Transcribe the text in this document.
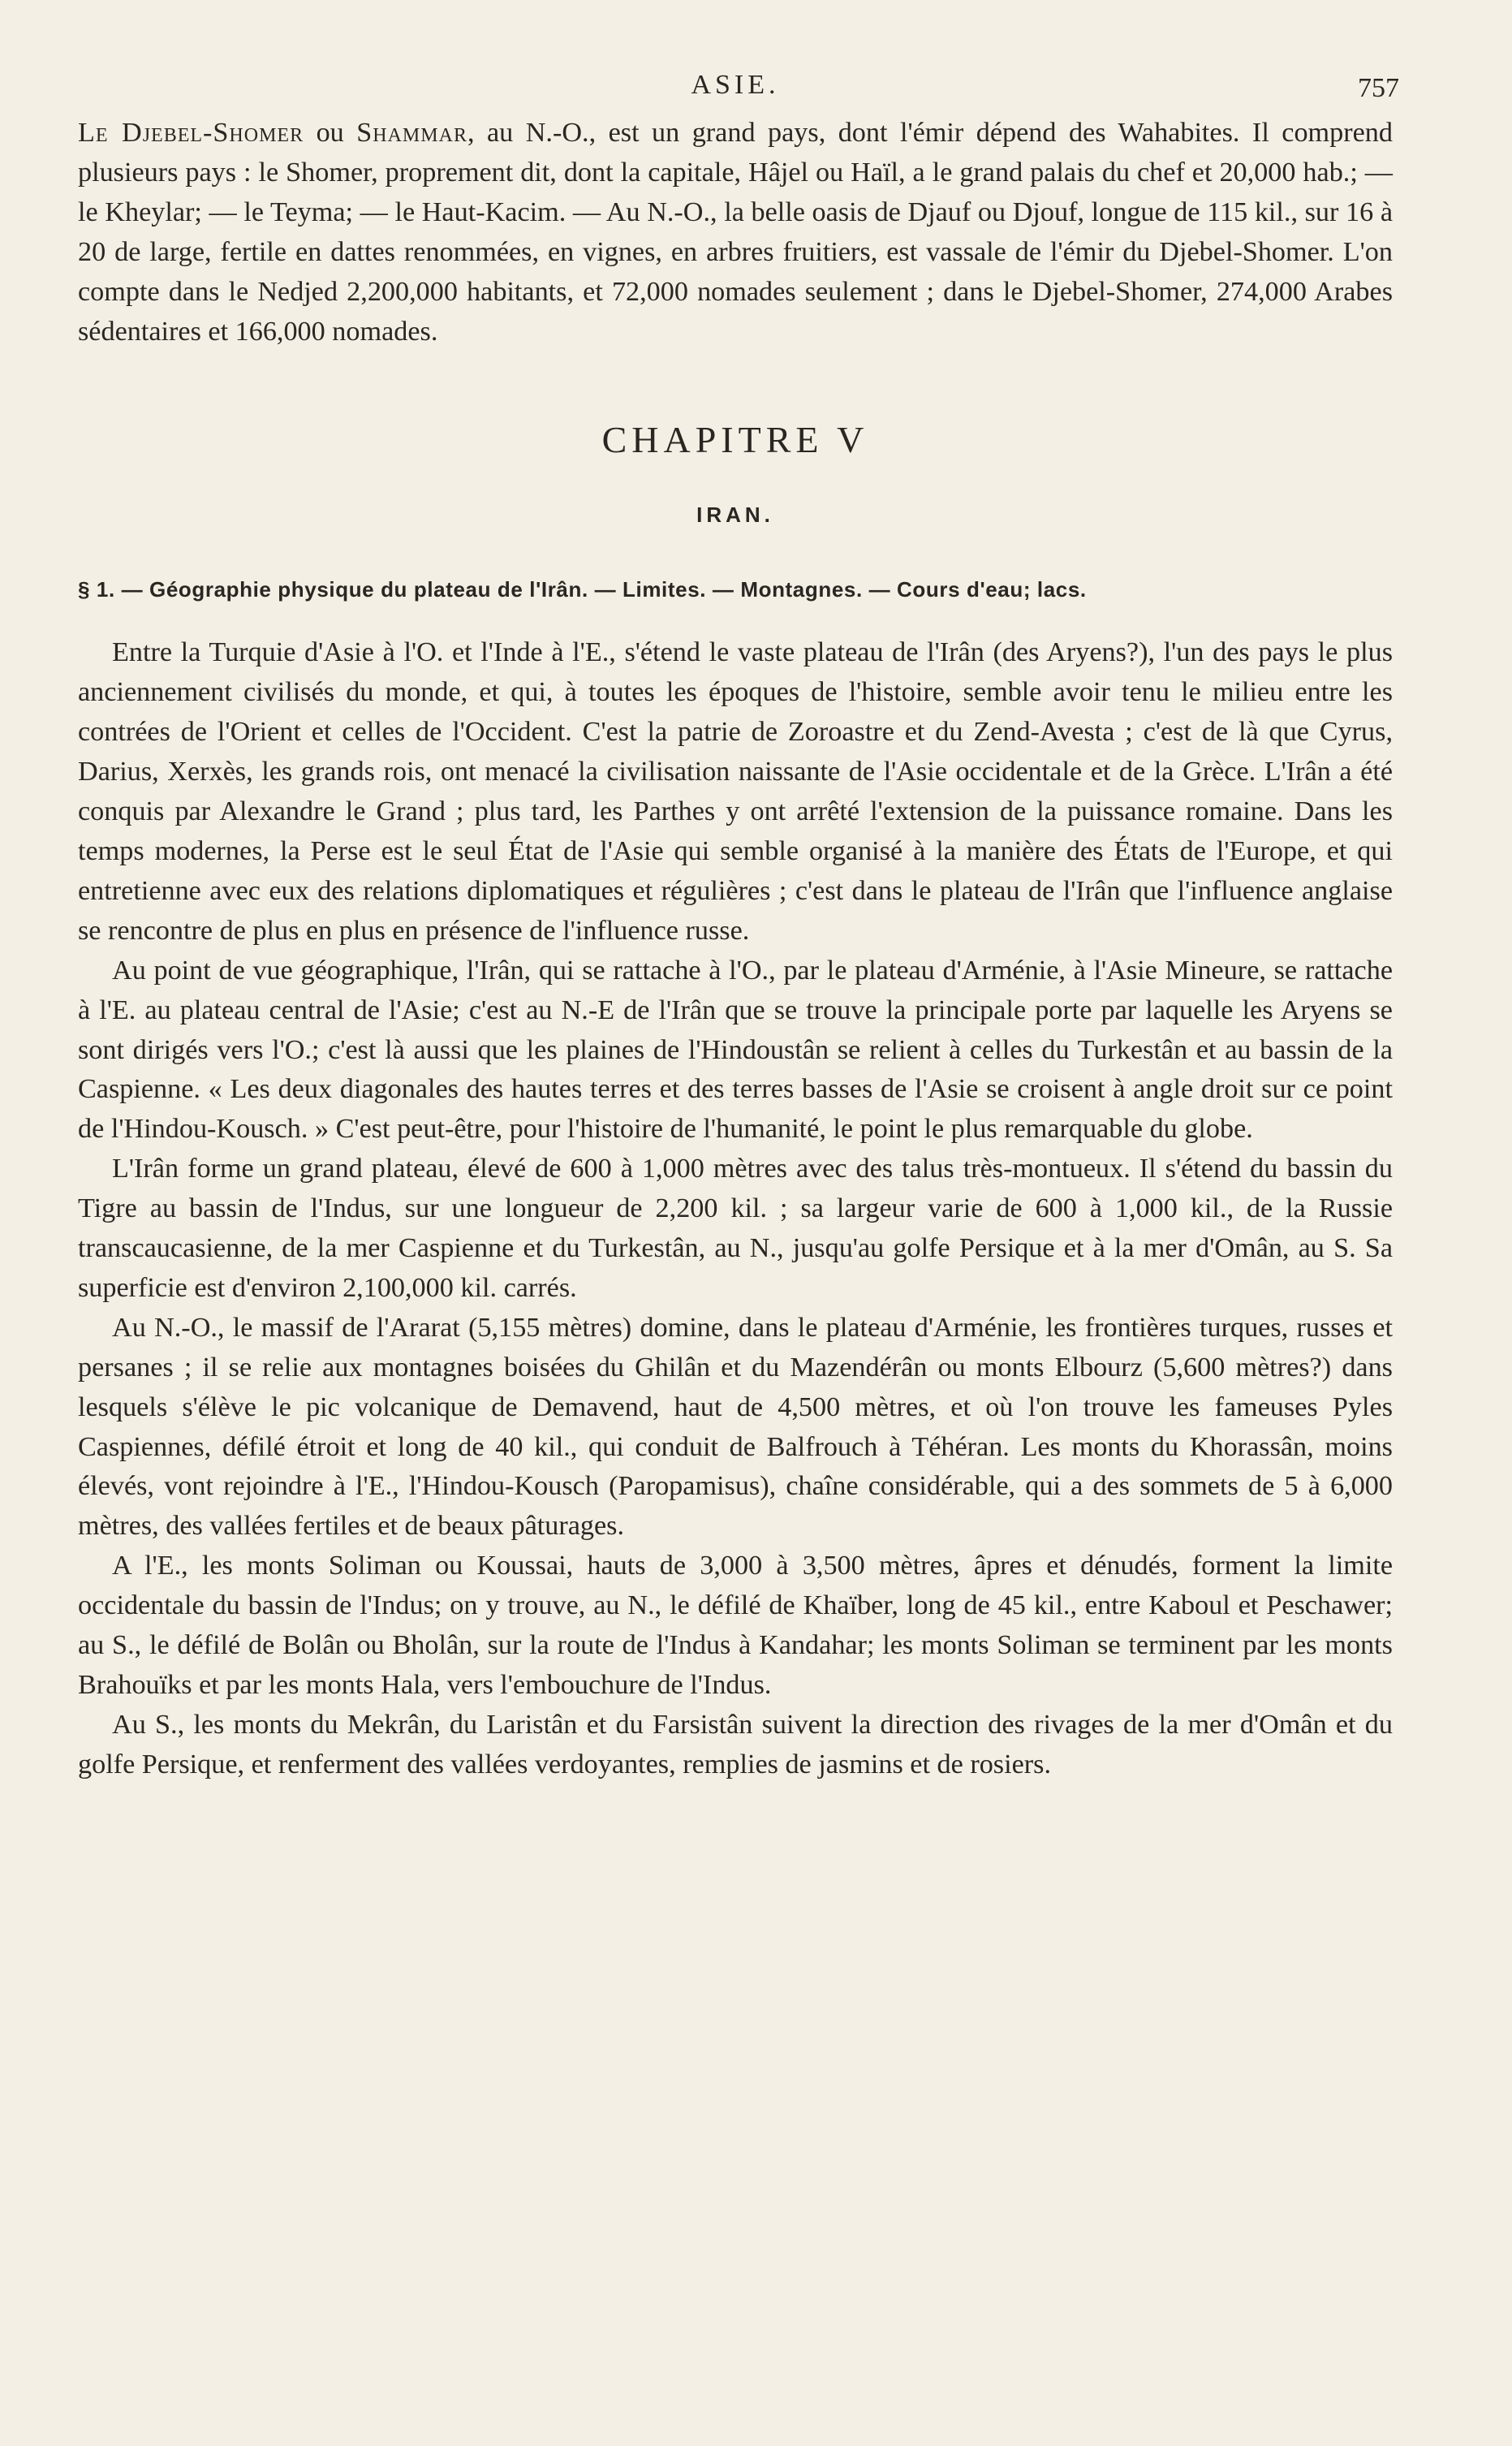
ASIE.	757

Le Djebel-Shomer ou Shammar, au N.-O., est un grand pays, dont l'émir dépend des Wahabites. Il comprend plusieurs pays : le Shomer, proprement dit, dont la capitale, Hâjel ou Haïl, a le grand palais du chef et 20,000 hab.; — le Kheylar; — le Teyma; — le Haut-Kacim. — Au N.-O., la belle oasis de Djauf ou Djouf, longue de 115 kil., sur 16 à 20 de large, fertile en dattes renommées, en vignes, en arbres fruitiers, est vassale de l'émir du Djebel-Shomer. L'on compte dans le Nedjed 2,200,000 habitants, et 72,000 nomades seulement ; dans le Djebel-Shomer, 274,000 Arabes sédentaires et 166,000 nomades.

CHAPITRE V
IRAN.
§ 1. — Géographie physique du plateau de l'Irân. — Limites. — Montagnes. — Cours d'eau; lacs.

Entre la Turquie d'Asie à l'O. et l'Inde à l'E., s'étend le vaste plateau de l'Irân (des Aryens?), l'un des pays le plus anciennement civilisés du monde, et qui, à toutes les époques de l'histoire, semble avoir tenu le milieu entre les contrées de l'Orient et celles de l'Occident. C'est la patrie de Zoroastre et du Zend-Avesta ; c'est de là que Cyrus, Darius, Xerxès, les grands rois, ont menacé la civilisation naissante de l'Asie occidentale et de la Grèce. L'Irân a été conquis par Alexandre le Grand ; plus tard, les Parthes y ont arrêté l'extension de la puissance romaine. Dans les temps modernes, la Perse est le seul État de l'Asie qui semble organisé à la manière des États de l'Europe, et qui entretienne avec eux des relations diplomatiques et régulières ; c'est dans le plateau de l'Irân que l'influence anglaise se rencontre de plus en plus en présence de l'influence russe.

Au point de vue géographique, l'Irân, qui se rattache à l'O., par le plateau d'Arménie, à l'Asie Mineure, se rattache à l'E. au plateau central de l'Asie; c'est au N.-E de l'Irân que se trouve la principale porte par laquelle les Aryens se sont dirigés vers l'O.; c'est là aussi que les plaines de l'Hindoustân se relient à celles du Turkestân et au bassin de la Caspienne. « Les deux diagonales des hautes terres et des terres basses de l'Asie se croisent à angle droit sur ce point de l'Hindou-Kousch. » C'est peut-être, pour l'histoire de l'humanité, le point le plus remarquable du globe.

L'Irân forme un grand plateau, élevé de 600 à 1,000 mètres avec des talus très-montueux. Il s'étend du bassin du Tigre au bassin de l'Indus, sur une longueur de 2,200 kil. ; sa largeur varie de 600 à 1,000 kil., de la Russie transcaucasienne, de la mer Caspienne et du Turkestân, au N., jusqu'au golfe Persique et à la mer d'Omân, au S. Sa superficie est d'environ 2,100,000 kil. carrés.

Au N.-O., le massif de l'Ararat (5,155 mètres) domine, dans le plateau d'Arménie, les frontières turques, russes et persanes ; il se relie aux montagnes boisées du Ghilân et du Mazendérân ou monts Elbourz (5,600 mètres?) dans lesquels s'élève le pic volcanique de Demavend, haut de 4,500 mètres, et où l'on trouve les fameuses Pyles Caspiennes, défilé étroit et long de 40 kil., qui conduit de Balfrouch à Téhéran. Les monts du Khorassân, moins élevés, vont rejoindre à l'E., l'Hindou-Kousch (Paropamisus), chaîne considérable, qui a des sommets de 5 à 6,000 mètres, des vallées fertiles et de beaux pâturages.

A l'E., les monts Soliman ou Koussai, hauts de 3,000 à 3,500 mètres, âpres et dénudés, forment la limite occidentale du bassin de l'Indus; on y trouve, au N., le défilé de Khaïber, long de 45 kil., entre Kaboul et Peschawer; au S., le défilé de Bolân ou Bholân, sur la route de l'Indus à Kandahar; les monts Soliman se terminent par les monts Brahouïks et par les monts Hala, vers l'embouchure de l'Indus.

Au S., les monts du Mekrân, du Laristân et du Farsistân suivent la direction des rivages de la mer d'Omân et du golfe Persique, et renferment des vallées verdoyantes, remplies de jasmins et de rosiers.
